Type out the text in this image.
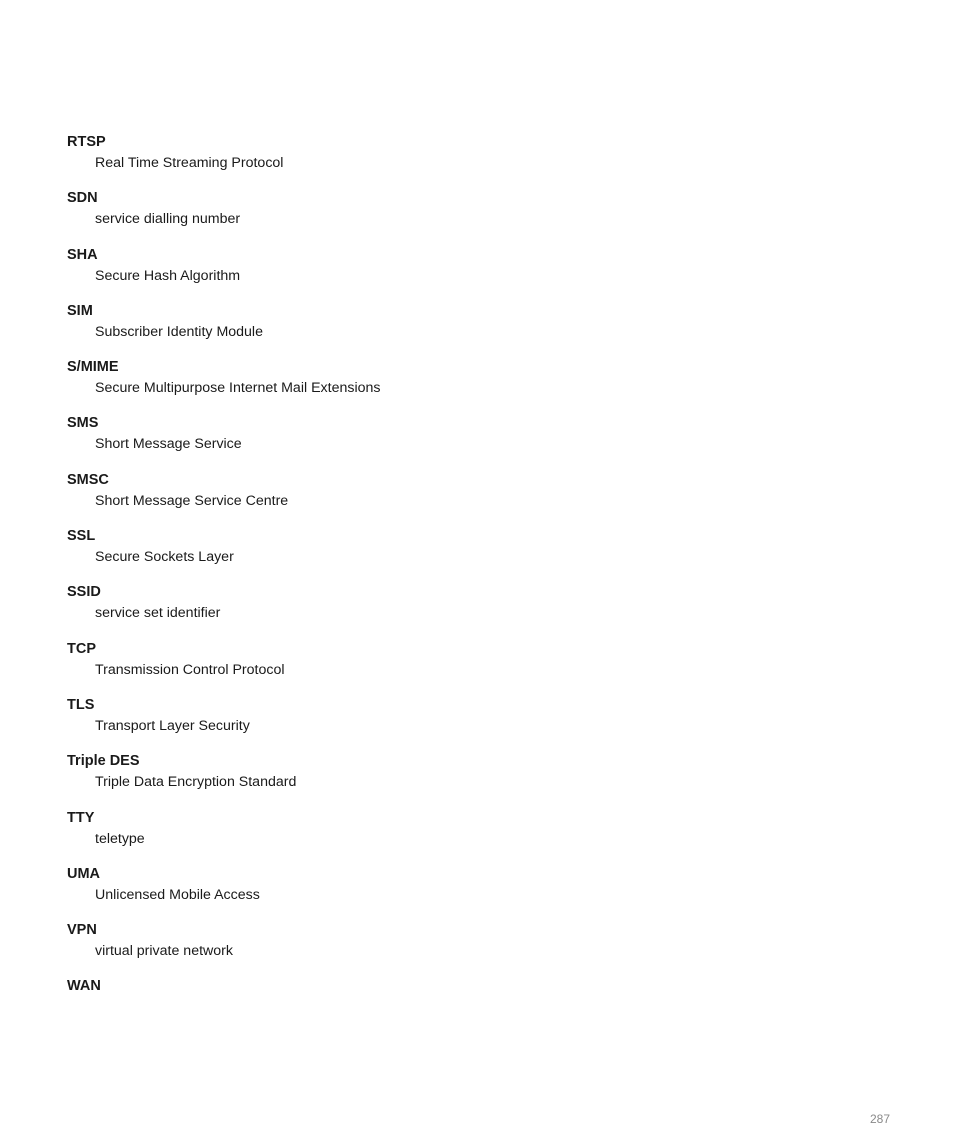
RTSP
Real Time Streaming Protocol
SDN
service dialling number
SHA
Secure Hash Algorithm
SIM
Subscriber Identity Module
S/MIME
Secure Multipurpose Internet Mail Extensions
SMS
Short Message Service
SMSC
Short Message Service Centre
SSL
Secure Sockets Layer
SSID
service set identifier
TCP
Transmission Control Protocol
TLS
Transport Layer Security
Triple DES
Triple Data Encryption Standard
TTY
teletype
UMA
Unlicensed Mobile Access
VPN
virtual private network
WAN
287
